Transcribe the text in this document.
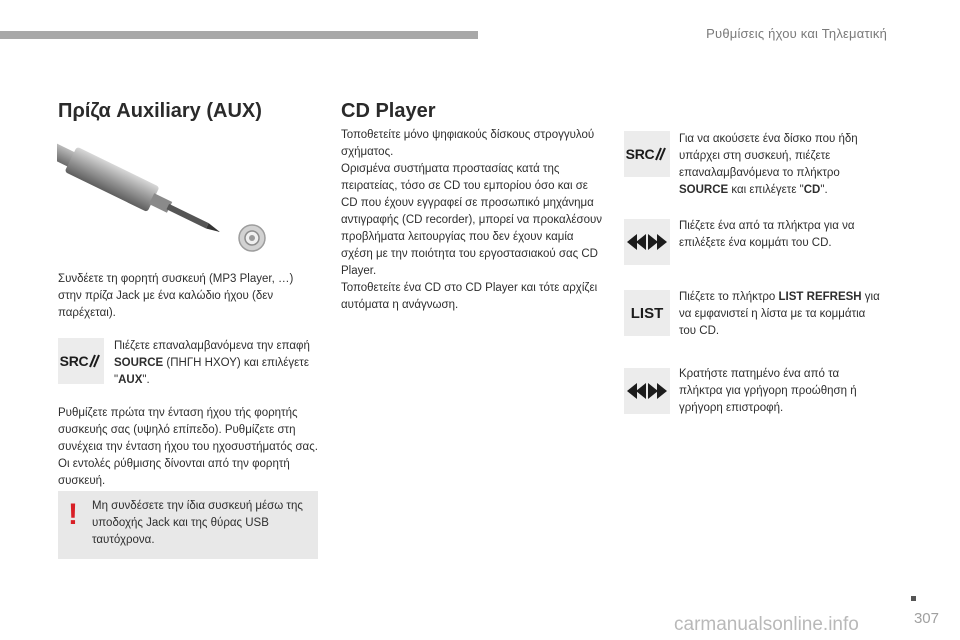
Ρυθμίσεις ήχου και Τηλεματική
Πρίζα Auxiliary (AUX)
Συνδέετε τη φορητή συσκευή (MP3 Player, …) στην πρίζα Jack με ένα καλώδιο ήχου (δεν παρέχεται).
SRC
Πιέζετε επαναλαμβανόμενα την επαφή SOURCE (ΠΗΓΗ ΗΧΟΥ) και επιλέγετε "AUX".
Ρυθμίζετε πρώτα την ένταση ήχου τής φορητής συσκευής σας (υψηλό επίπεδο). Ρυθμίζετε στη συνέχεια την ένταση ήχου του ηχοσυστήματός σας. Οι εντολές ρύθμισης δίνονται από την φορητή συσκευή.
! Μη συνδέσετε την ίδια συσκευή μέσω της υποδοχής Jack και της θύρας USB ταυτόχρονα.
CD Player
Τοποθετείτε μόνο ψηφιακούς δίσκους στρογγυλού σχήματος.
Ορισμένα συστήματα προστασίας κατά της πειρατείας, τόσο σε CD του εμπορίου όσο και σε CD που έχουν εγγραφεί σε προσωπικό μηχάνημα αντιγραφής (CD recorder), μπορεί να προκαλέσουν προβλήματα λειτουργίας που δεν έχουν καμία σχέση με την ποιότητα του εργοστασιακού σας CD Player.
Τοποθετείτε ένα CD στο CD Player και τότε αρχίζει αυτόματα η ανάγνωση.
SRC
Για να ακούσετε ένα δίσκο που ήδη υπάρχει στη συσκευή, πιέζετε επαναλαμβανόμενα το πλήκτρο SOURCE και επιλέγετε "CD".
Πιέζετε ένα από τα πλήκτρα για να επιλέξετε ένα κομμάτι του CD.
LIST
Πιέζετε το πλήκτρο LIST REFRESH για να εμφανιστεί η λίστα με τα κομμάτια του CD.
Κρατήστε πατημένο ένα από τα πλήκτρα για γρήγορη προώθηση ή γρήγορη επιστροφή.
carmanualsonline.info	307
